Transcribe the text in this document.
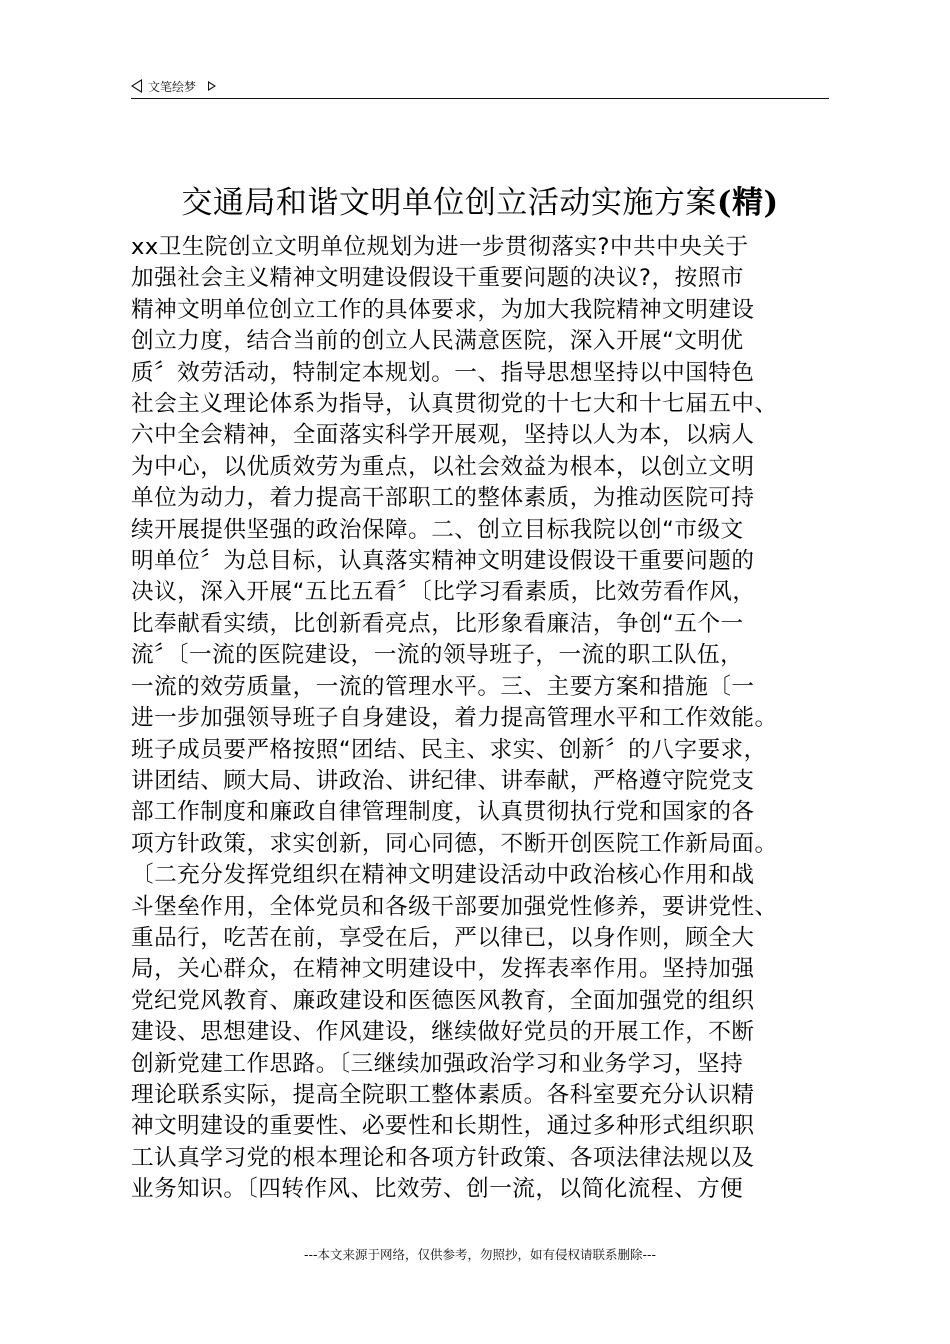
文笔绘梦
交通局和谐文明单位创立活动实施方案(精)
xx卫生院创立文明单位规划为进一步贯彻落实?中共中央关于
加强社会主义精神文明建设假设干重要问题的决议?，按照市
精神文明单位创立工作的具体要求，为加大我院精神文明建设
创立力度，结合当前的创立人民满意医院，深入开展“文明优
质〞效劳活动，特制定本规划。一、指导思想坚持以中国特色
社会主义理论体系为指导，认真贯彻党的十七大和十七届五中、
六中全会精神，全面落实科学开展观，坚持以人为本，以病人
为中心，以优质效劳为重点，以社会效益为根本，以创立文明
单位为动力，着力提高干部职工的整体素质，为推动医院可持
续开展提供坚强的政治保障。二、创立目标我院以创“市级文
明单位〞为总目标，认真落实精神文明建设假设干重要问题的
决议，深入开展“五比五看〞〔比学习看素质，比效劳看作风，
比奉献看实绩，比创新看亮点，比形象看廉洁，争创“五个一
流〞〔一流的医院建设，一流的领导班子，一流的职工队伍，
一流的效劳质量，一流的管理水平。三、主要方案和措施〔一
进一步加强领导班子自身建设，着力提高管理水平和工作效能。
班子成员要严格按照“团结、民主、求实、创新〞的八字要求，
讲团结、顾大局、讲政治、讲纪律、讲奉献，严格遵守院党支
部工作制度和廉政自律管理制度，认真贯彻执行党和国家的各
项方针政策，求实创新，同心同德，不断开创医院工作新局面。
〔二充分发挥党组织在精神文明建设活动中政治核心作用和战
斗堡垒作用，全体党员和各级干部要加强党性修养，要讲党性、
重品行，吃苦在前，享受在后，严以律已，以身作则，顾全大
局，关心群众，在精神文明建设中，发挥表率作用。坚持加强
党纪党风教育、廉政建设和医德医风教育，全面加强党的组织
建设、思想建设、作风建设，继续做好党员的开展工作，不断
创新党建工作思路。〔三继续加强政治学习和业务学习，坚持
理论联系实际，提高全院职工整体素质。各科室要充分认识精
神文明建设的重要性、必要性和长期性，通过多种形式组织职
工认真学习党的根本理论和各项方针政策、各项法律法规以及
业务知识。〔四转作风、比效劳、创一流，以简化流程、方便
---本文来源于网络，仅供参考，勿照抄，如有侵权请联系删除---
